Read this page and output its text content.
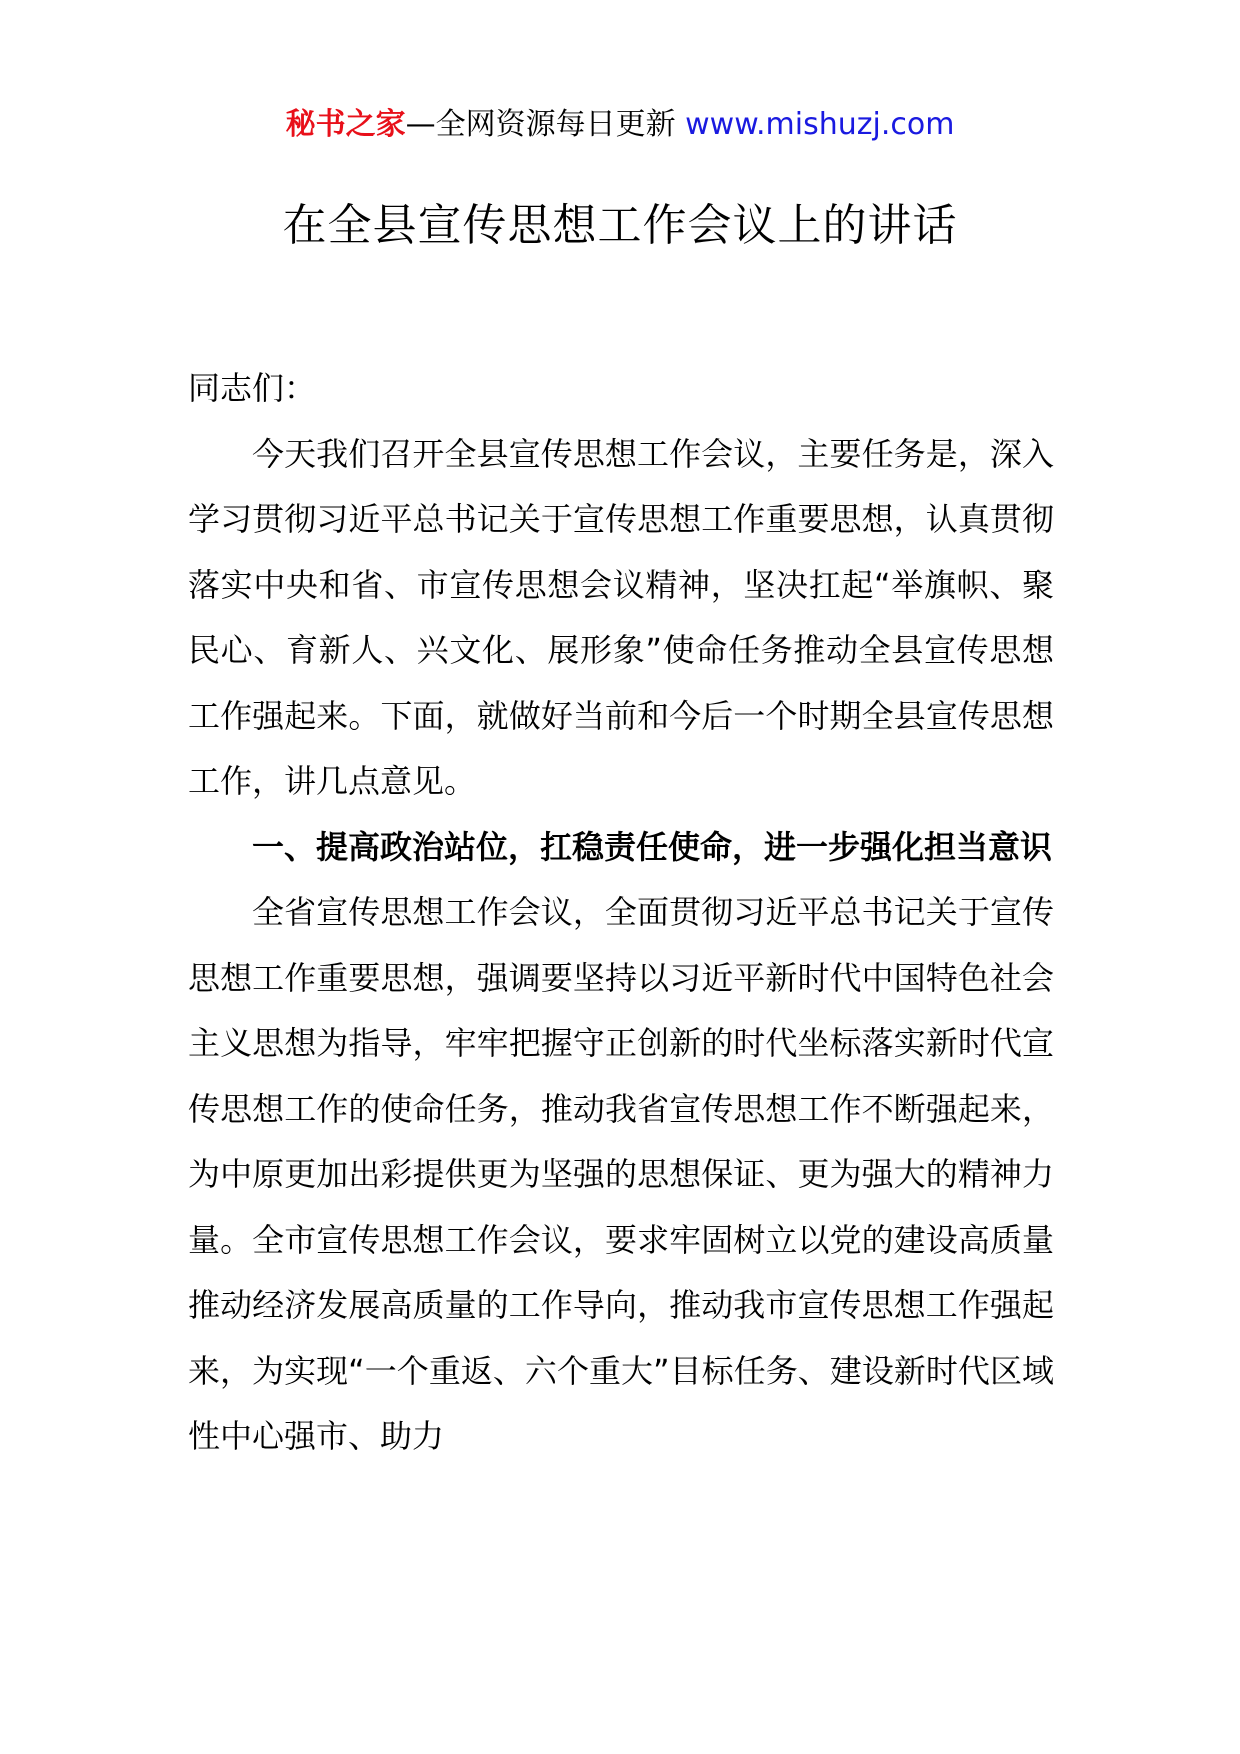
秘书之家—全网资源每日更新 www.mishuzj.com
在全县宣传思想工作会议上的讲话

同志们：

今天我们召开全县宣传思想工作会议，主要任务是，深入学习贯彻习近平总书记关于宣传思想工作重要思想，认真贯彻落实中央和省、市宣传思想会议精神，坚决扛起“举旗帜、聚民心、育新人、兴文化、展形象”使命任务推动全县宣传思想工作强起来。下面，就做好当前和今后一个时期全县宣传思想工作，讲几点意见。

一、提高政治站位，扛稳责任使命，进一步强化担当意识

全省宣传思想工作会议，全面贯彻习近平总书记关于宣传思想工作重要思想，强调要坚持以习近平新时代中国特色社会主义思想为指导，牢牢把握守正创新的时代坐标落实新时代宣传思想工作的使命任务，推动我省宣传思想工作不断强起来，为中原更加出彩提供更为坚强的思想保证、更为强大的精神力量。全市宣传思想工作会议，要求牢固树立以党的建设高质量推动经济发展高质量的工作导向，推动我市宣传思想工作强起来，为实现“一个重返、六个重大”目标任务、建设新时代区域性中心强市、助力
